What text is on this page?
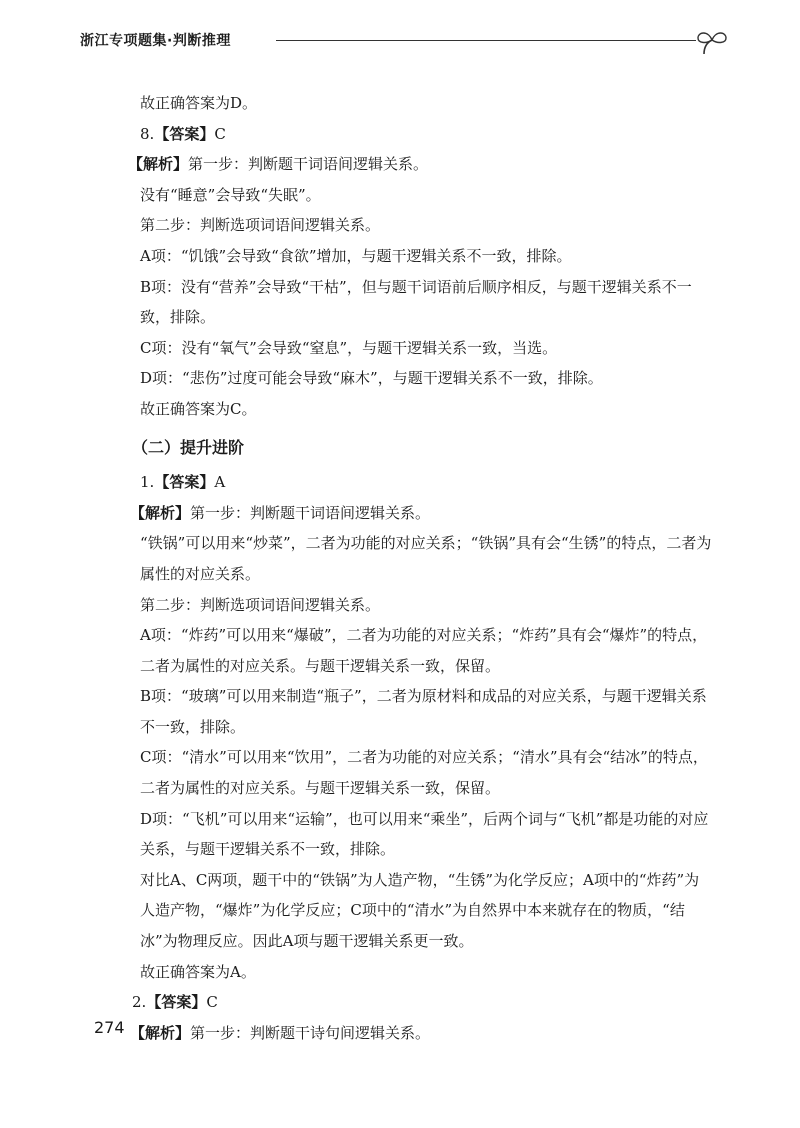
浙江专项题集·判断推理

故正确答案为D。

8.【答案】C

【解析】第一步：判断题干词语间逻辑关系。

没有“睡意”会导致“失眠”。

第二步：判断选项词语间逻辑关系。

A项：“饥饿”会导致“食欲”增加，与题干逻辑关系不一致，排除。

B项：没有“营养”会导致“干枯”，但与题干词语前后顺序相反，与题干逻辑关系不一致，排除。

C项：没有“氧气”会导致“窒息”，与题干逻辑关系一致，当选。

D项：“悲伤”过度可能会导致“麻木”，与题干逻辑关系不一致，排除。

故正确答案为C。

（二）提升进阶

1.【答案】A

【解析】第一步：判断题干词语间逻辑关系。

“铁锅”可以用来“炒菜”，二者为功能的对应关系；“铁锅”具有会“生锈”的特点，二者为属性的对应关系。

第二步：判断选项词语间逻辑关系。

A项：“炸药”可以用来“爆破”，二者为功能的对应关系；“炸药”具有会“爆炸”的特点，二者为属性的对应关系。与题干逻辑关系一致，保留。

B项：“玻璃”可以用来制造“瓶子”，二者为原材料和成品的对应关系，与题干逻辑关系不一致，排除。

C项：“清水”可以用来“饮用”，二者为功能的对应关系；“清水”具有会“结冰”的特点，二者为属性的对应关系。与题干逻辑关系一致，保留。

D项：“飞机”可以用来“运输”，也可以用来“乘坐”，后两个词与“飞机”都是功能的对应关系，与题干逻辑关系不一致，排除。

对比A、C两项，题干中的“铁锅”为人造产物，“生锈”为化学反应；A项中的“炸药”为人造产物，“爆炸”为化学反应；C项中的“清水”为自然界中本来就存在的物质，“结冰”为物理反应。因此A项与题干逻辑关系更一致。

故正确答案为A。

2.【答案】C

【解析】第一步：判断题干诗句间逻辑关系。

274
